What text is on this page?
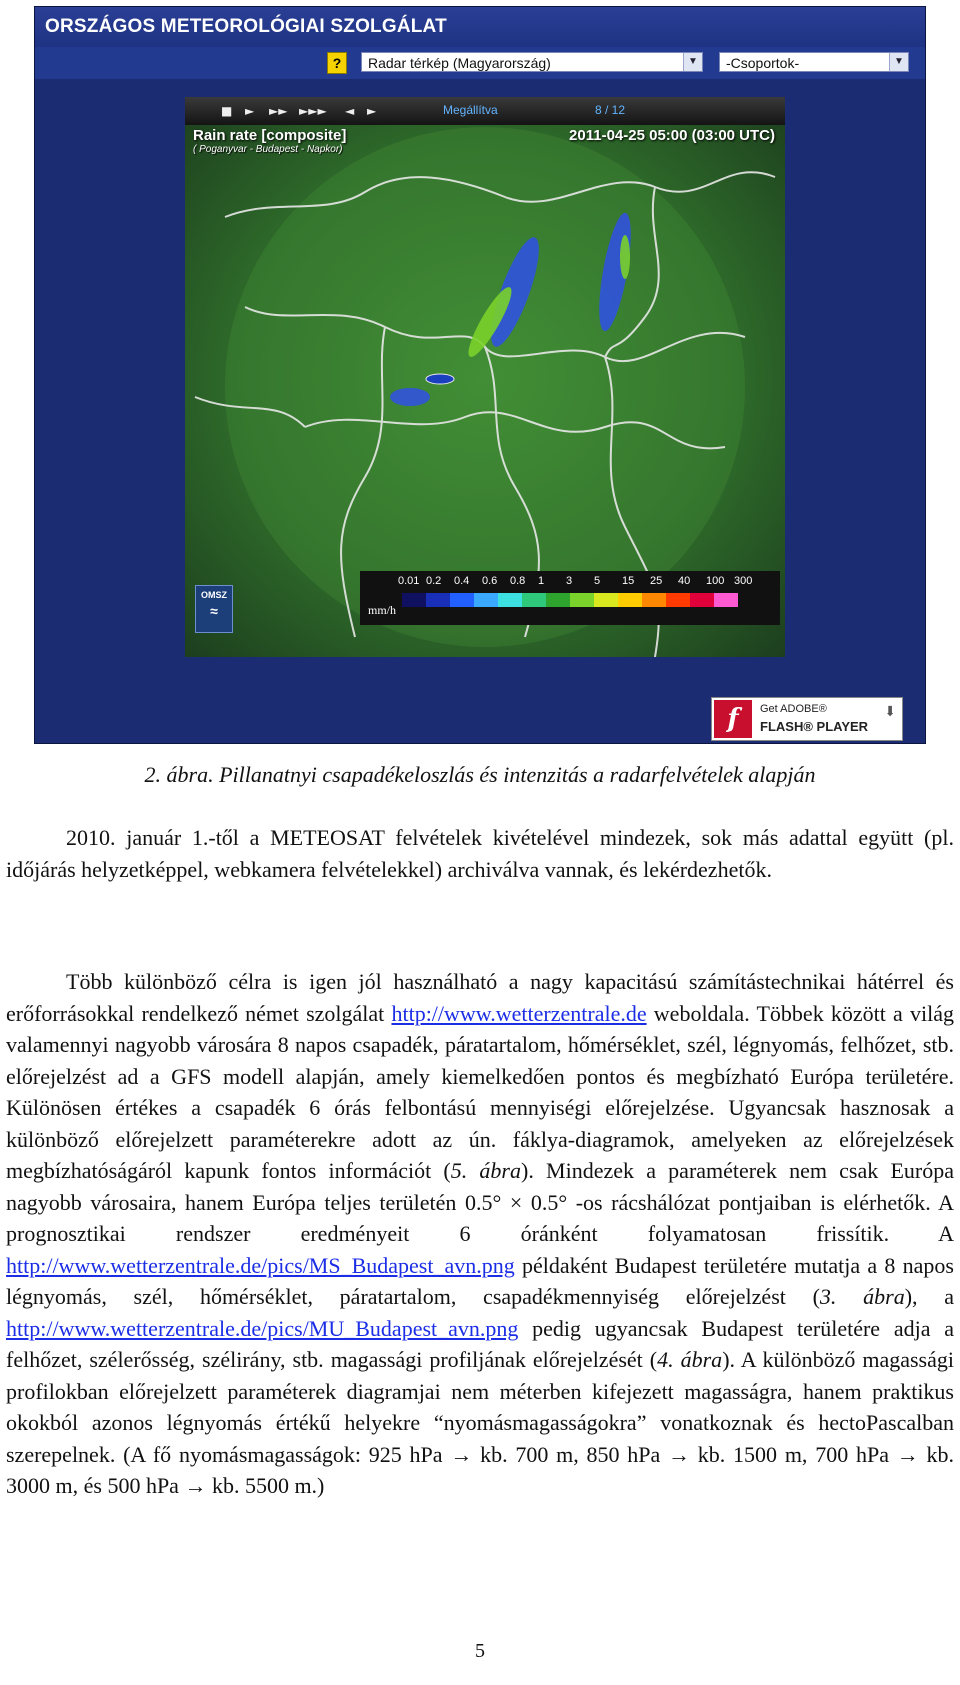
ORSZÁGOS METEOROLÓGIAI SZOLGÁLAT
?	Radar térkép (Magyarország)	▼	-Csoportok-	▼
■ ► ►► ►►► ◄ ►	Megállítva	8 / 12
Rain rate [composite]
( Poganyvar - Budapest - Napkor)
2011-04-25 05:00 (03:00 UTC)
OMSZ
≈	mm/h
0.01 0.2 0.4 0.6 0.8 1 3 5 15 25 40 100 300
f	Get ADOBE®
FLASH® PLAYER
⬇
2. ábra. Pillanatnyi csapadékeloszlás és intenzitás a radarfelvételek alapján

2010. január 1.-től a METEOSAT felvételek kivételével mindezek, sok más adattal együtt (pl. időjárás helyzetképpel, webkamera felvételekkel) archiválva vannak, és lekérdezhetők.

Több különböző célra is igen jól használható a nagy kapacitású számítástechnikai hátérrel és erőforrásokkal rendelkező német szolgálat http://www.wetterzentrale.de weboldala. Többek között a világ valamennyi nagyobb városára 8 napos csapadék, páratartalom, hőmérséklet, szél, légnyomás, felhőzet, stb. előrejelzést ad a GFS modell alapján, amely kiemelkedően pontos és megbízható Európa területére. Különösen értékes a csapadék 6 órás felbontású mennyiségi előrejelzése. Ugyancsak hasznosak a különböző előrejelzett paraméterekre adott az ún. fáklya-diagramok, amelyeken az előrejelzések megbízhatóságáról kapunk fontos információt (5. ábra). Mindezek a paraméterek nem csak Európa nagyobb városaira, hanem Európa teljes területén 0.5° × 0.5° -os rácshálózat pontjaiban is elérhetők. A prognosztikai rendszer eredményeit 6 óránként folyamatosan frissítik. A http://www.wetterzentrale.de/pics/MS_Budapest_avn.png példaként Budapest területére mutatja a 8 napos légnyomás, szél, hőmérséklet, páratartalom, csapadékmennyiség előrejelzést (3. ábra), a http://www.wetterzentrale.de/pics/MU_Budapest_avn.png pedig ugyancsak Budapest területére adja a felhőzet, szélerősség, szélirány, stb. magassági profiljának előrejelzését (4. ábra). A különböző magassági profilokban előrejelzett paraméterek diagramjai nem méterben kifejezett magasságra, hanem praktikus okokból azonos légnyomás értékű helyekre “nyomásmagasságokra” vonatkoznak és hectoPascalban szerepelnek. (A fő nyomásmagasságok: 925 hPa → kb. 700 m, 850 hPa → kb. 1500 m, 700 hPa → kb. 3000 m, és 500 hPa → kb. 5500 m.)

5
